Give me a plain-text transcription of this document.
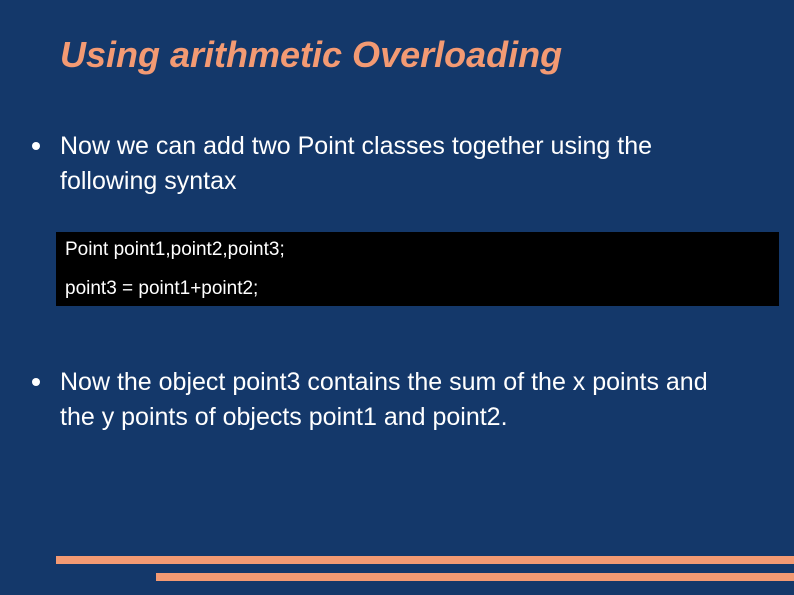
Using arithmetic Overloading
Now we can add two Point classes together using the following syntax
Point point1,point2,point3;
point3 = point1+point2;
Now the object point3 contains the sum of the x points and the y points of objects point1 and point2.
